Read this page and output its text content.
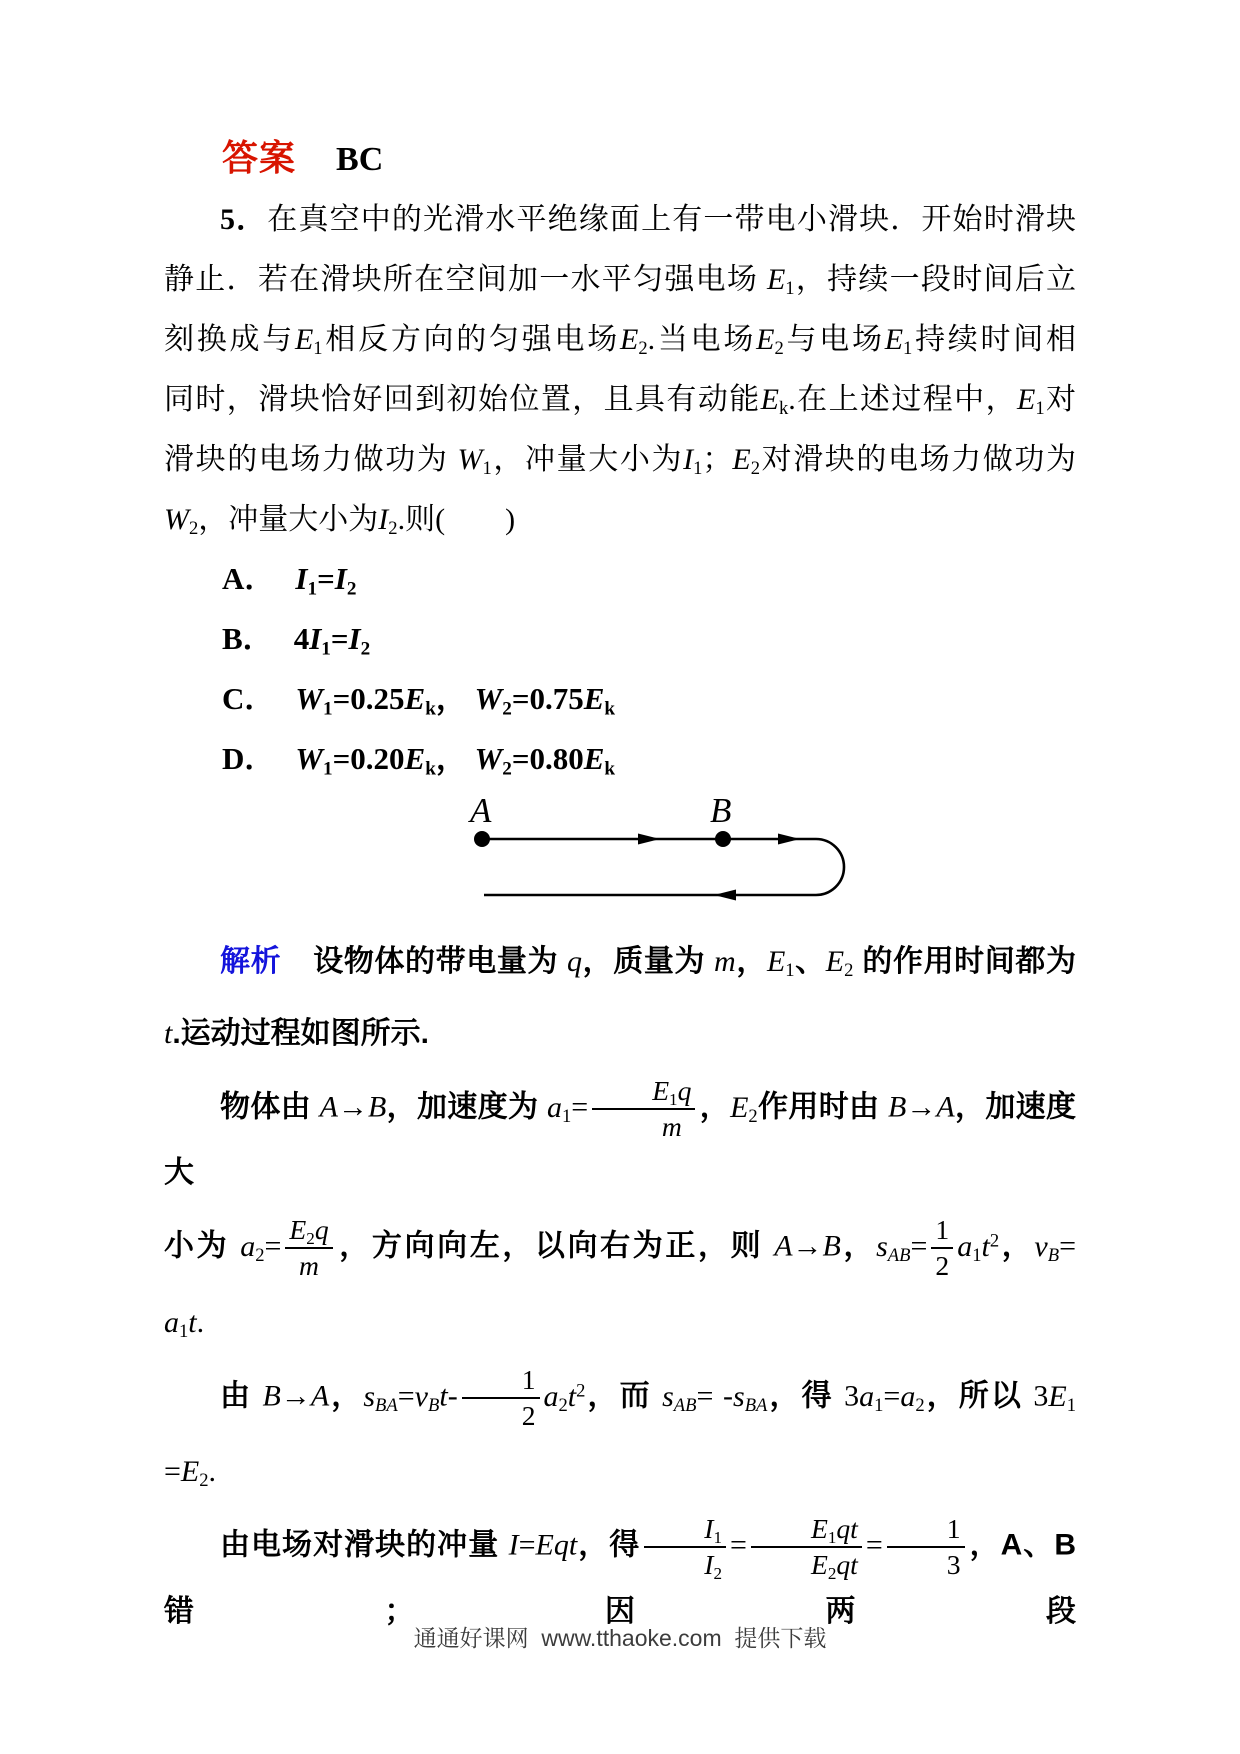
答案 BC
5．在真空中的光滑水平绝缘面上有一带电小滑块．开始时滑块
静止．若在滑块所在空间加一水平匀强电场 $E_1$，持续一段时间后立
刻换成与$E_1$相反方向的匀强电场$E_2$.当电场$E_2$与电场$E_1$持续时间相
同时，滑块恰好回到初始位置，且具有动能$E_k$.在上述过程中，$E_1$对
滑块的电场力做功为 $W_1$，冲量大小为$I_1$；$E_2$对滑块的电场力做功为
$W_2$，冲量大小为$I_2$.则(　　)
A． $I_1=I_2$
B． $4I_1=I_2$
C． $W_1=0.25E_k$， $W_2=0.75E_k$
D． $W_1=0.20E_k$， $W_2=0.80E_k$
A	B
解析 设物体的带电量为 q，质量为 m，$E_1$、$E_2$ 的作用时间都为
t.运动过程如图所示.
物体由 A→B，加速度为 $a_1= \frac{E_1q}{m}$ ，$E_2$作用时由 B→A，加速度大
小为 $a_2= \frac{E_2q}{m}$ ，方向向左，以向右为正，则 A→B，$s_{AB}= \frac{1}{2} a_1t^2$，$v_B=$
$a_1t$.
由 B→A，$s_{BA}=v_Bt- \frac{1}{2} a_2t^2$，而 $s_{AB}= -s_{BA}$，得 $3a_1=a_2$，所以 $3E_1$
$=E_2$.
由电场对滑块的冲量 I=Eqt，得 $\frac{I_1}{I_2} = \frac{E_1qt}{E_2qt} = \frac{1}{3}$ ，A、B 错；因两段
通通好课网  www.tthaoke.com  提供下载
